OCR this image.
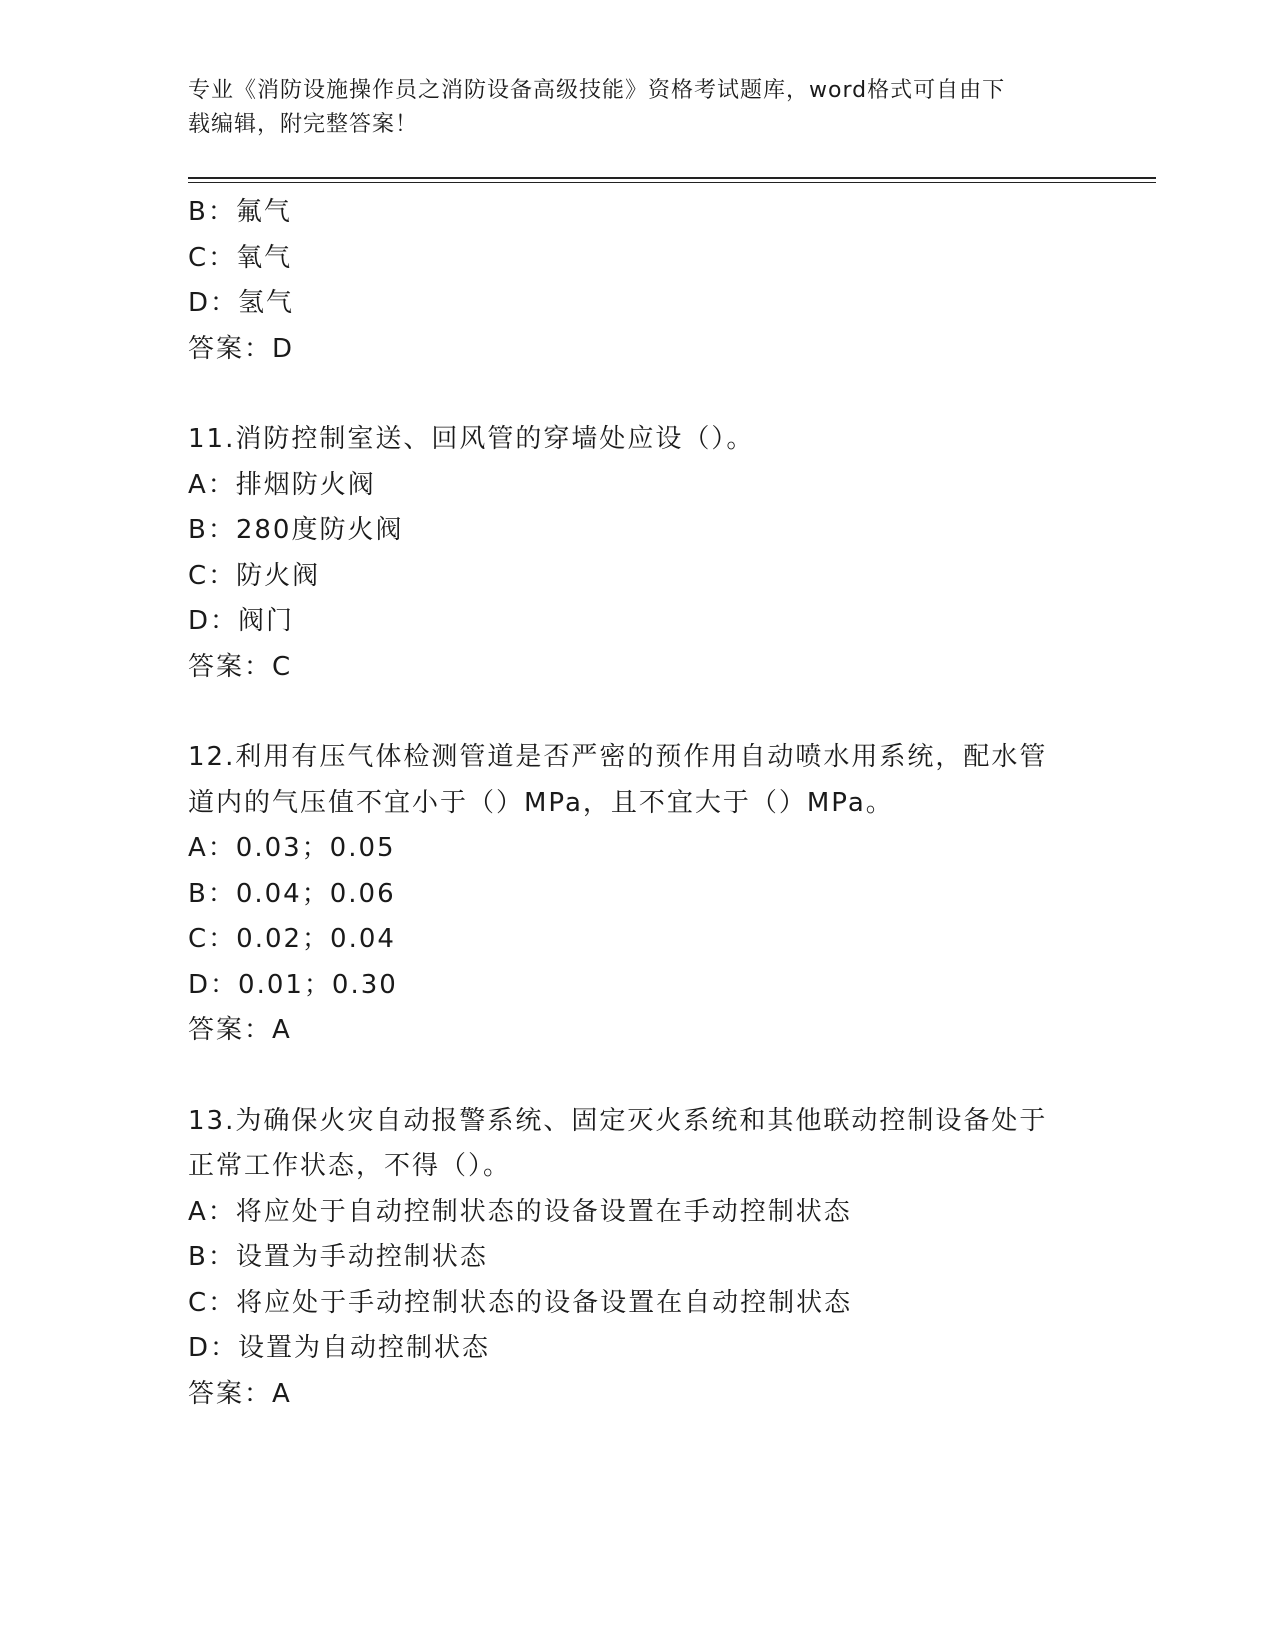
专业《消防设施操作员之消防设备高级技能》资格考试题库，word格式可自由下
载编辑，附完整答案！
B：氟气
C：氧气
D：氢气
答案：D
11.消防控制室送、回风管的穿墙处应设（）。
A：排烟防火阀
B：280度防火阀
C：防火阀
D：阀门
答案：C
12.利用有压气体检测管道是否严密的预作用自动喷水用系统，配水管
道内的气压值不宜小于（）MPa，且不宜大于（）MPa。
A：0.03；0.05
B：0.04；0.06
C：0.02；0.04
D：0.01；0.30
答案：A
13.为确保火灾自动报警系统、固定灭火系统和其他联动控制设备处于
正常工作状态，不得（）。
A：将应处于自动控制状态的设备设置在手动控制状态
B：设置为手动控制状态
C：将应处于手动控制状态的设备设置在自动控制状态
D：设置为自动控制状态
答案：A
